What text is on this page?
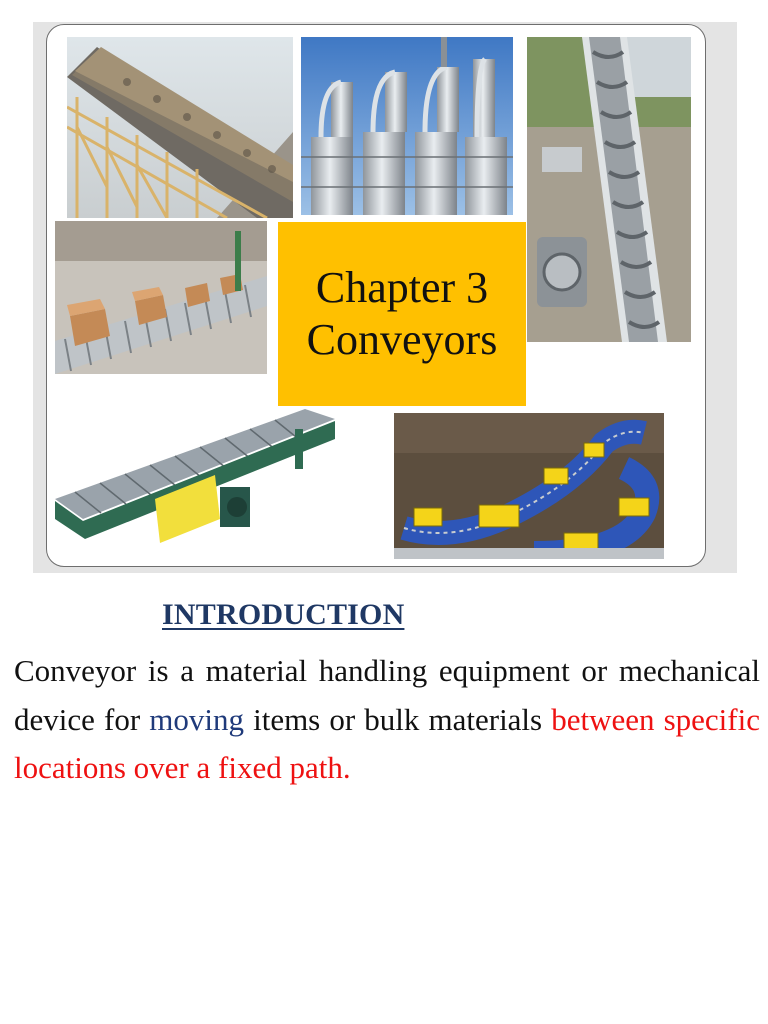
Chapter 3
Conveyors
INTRODUCTION

Conveyor is a material handling equipment or mechanical device for moving items or bulk materials between specific locations over a fixed path.
